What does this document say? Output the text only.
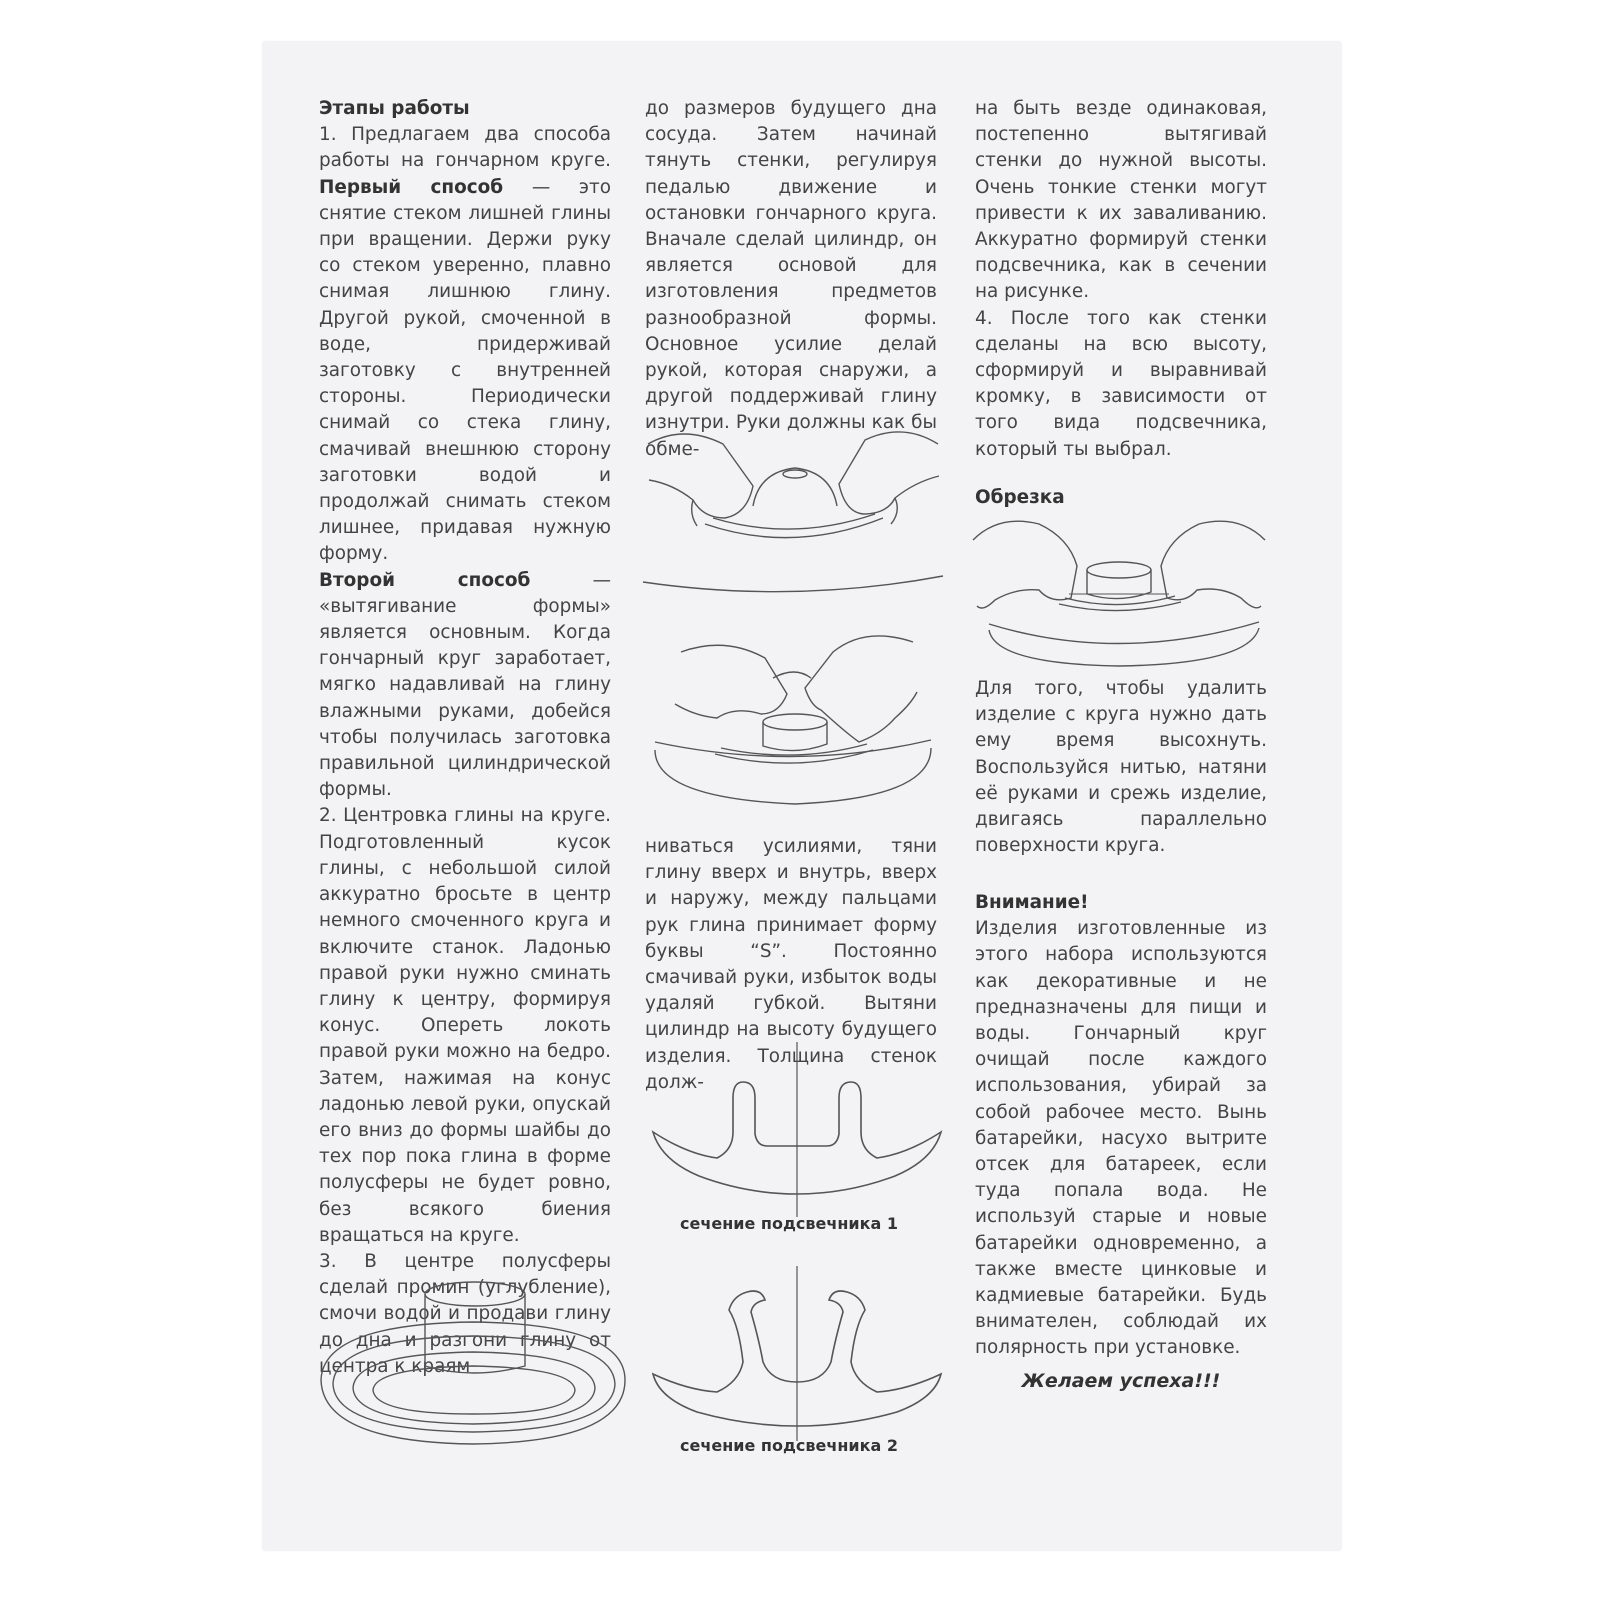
Этапы работы

1. Предлагаем два способа работы на гончарном круге. Первый способ — это снятие стеком лишней глины при вращении. Держи руку со стеком уверенно, плавно снимая лишнюю глину. Другой рукой, смоченной в воде, придерживай заготовку с внутренней стороны. Периодически снимай со стека глину, смачивай внешнюю сторону заготовки водой и продолжай снимать стеком лишнее, придавая нужную форму.

Второй способ — «вытягивание формы» является основным. Когда гончарный круг заработает, мягко надавливай на глину влажными руками, добейся чтобы получилась заготовка правильной цилиндрической формы.

2. Центровка глины на круге. Подготовленный кусок глины, с небольшой силой аккуратно бросьте в центр немного смоченного круга и включите станок. Ладонью правой руки нужно сминать глину к центру, формируя конус. Опереть локоть правой руки можно на бедро. Затем, нажимая на конус ладонью левой руки, опускай его вниз до формы шайбы до тех пор пока глина в форме полусферы не будет ровно, без всякого биения вращаться на круге.

3. В центре полусферы сделай промин (углубление), смочи водой и продави глину до дна и разгони глину от центра к краям

до размеров будущего дна сосуда. Затем начинай тянуть стенки, регулируя педалью движение и остановки гончарного круга. Вначале сделай цилиндр, он является основой для изготовления предметов разнообразной формы. Основное усилие делай рукой, которая снаружи, а другой поддерживай глину изнутри. Руки должны как бы обме-

ниваться усилиями, тяни глину вверх и внутрь, вверх и наружу, между пальцами рук глина принимает форму буквы “S”. Постоянно смачивай руки, избыток воды удаляй губкой. Вытяни цилиндр на высоту будущего изделия. Толщина стенок долж-

на быть везде одинаковая, постепенно вытягивай стенки до нужной высоты. Очень тонкие стенки могут привести к их заваливанию. Аккуратно формируй стенки подсвечника, как в сечении на рисунке.

4. После того как стенки сделаны на всю высоту, сформируй и выравнивай кромку, в зависимости от того вида подсвечника, который ты выбрал.

Обрезка

Для того, чтобы удалить изделие с круга нужно дать ему время высохнуть. Воспользуйся нитью, натяни её руками и срежь изделие, двигаясь параллельно поверхности круга.

Внимание!

Изделия изготовленные из этого набора используются как декоративные и не предназначены для пищи и воды. Гончарный круг очищай после каждого использования, убирай за собой рабочее место. Вынь батарейки, насухо вытрите отсек для батареек, если туда попала вода. Не используй старые и новые батарейки одновременно, а также вместе цинковые и кадмиевые батарейки. Будь внимателен, соблюдай их полярность при установке.

Желаем успеха!!!
сечение подсвечника 1
сечение подсвечника 2
